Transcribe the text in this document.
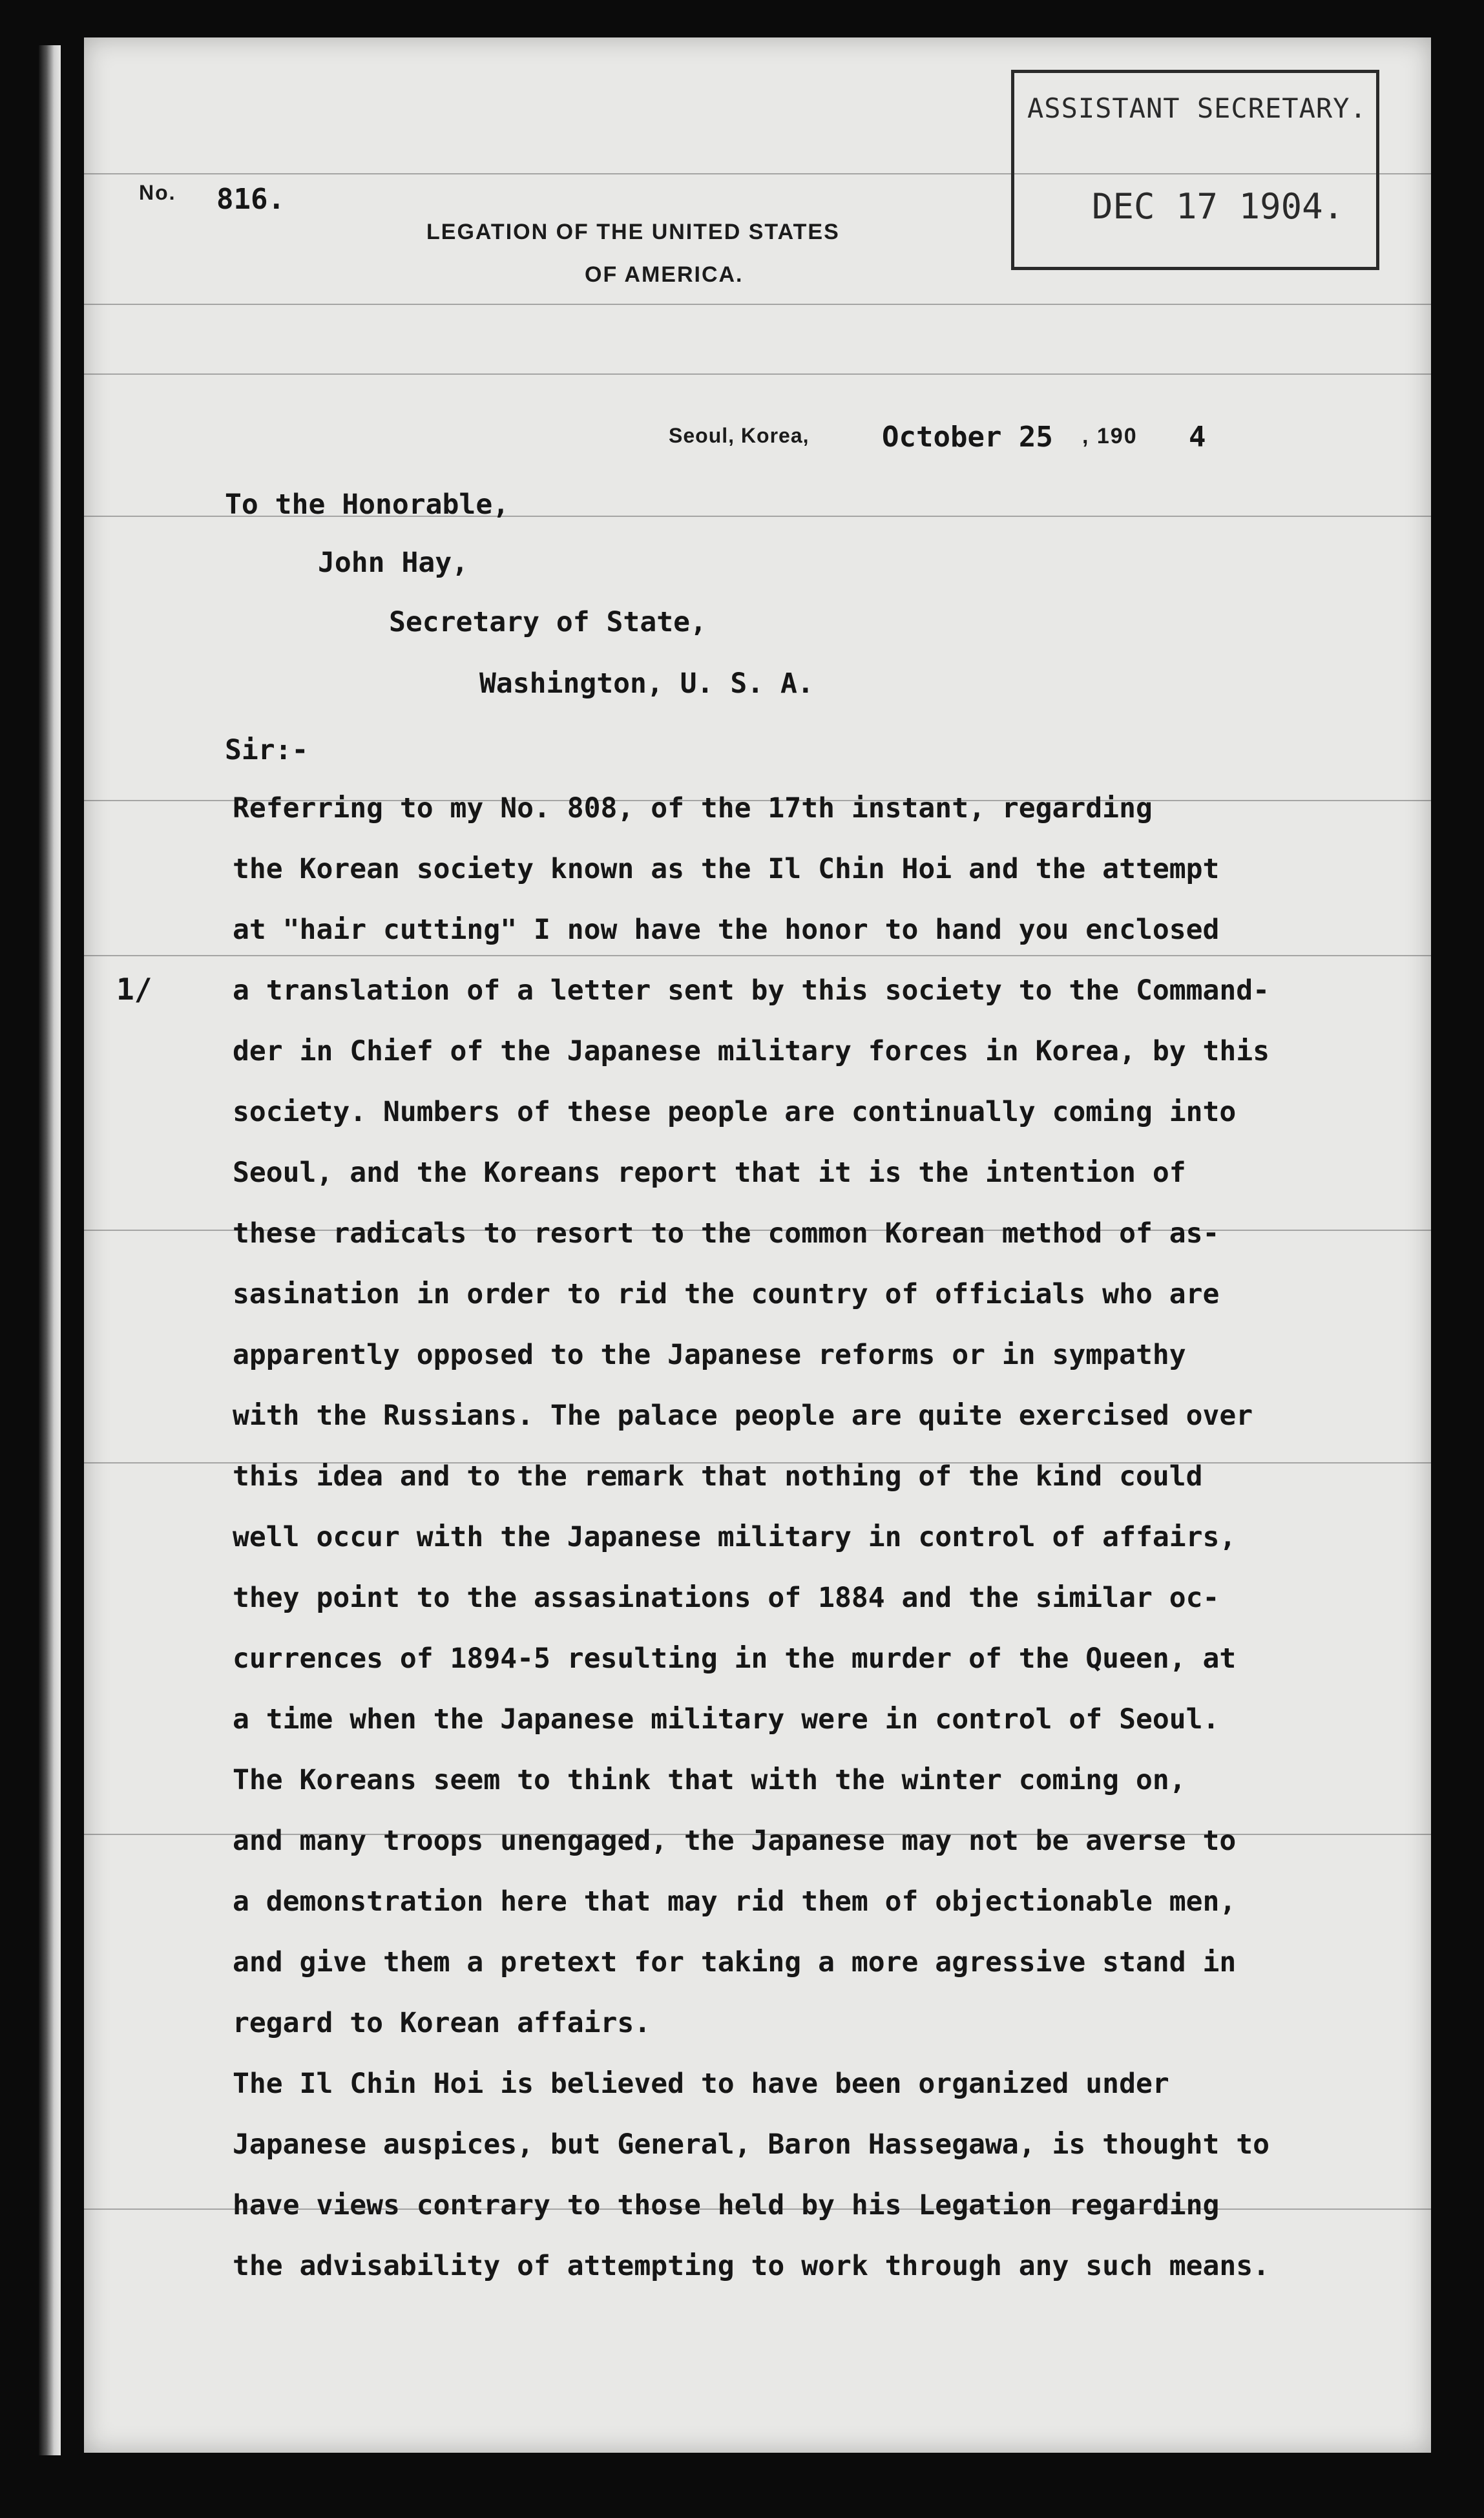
ASSISTANT SECRETARY.
DEC 17 1904.
No. 816.
LEGATION OF THE UNITED STATES
OF AMERICA.
Seoul, Korea,	October 25 , 190 4
To the Honorable,
John Hay,
Secretary of State,
Washington, U. S. A.
Sir:-
1/
Referring to my No. 808, of the 17th instant, regarding
the Korean society known as the Il Chin Hoi and the attempt
at "hair cutting" I now have the honor to hand you enclosed
a translation of a letter sent by this society to the Command-
der in Chief of the Japanese military forces in Korea, by this
society. Numbers of these people are continually coming into
Seoul, and the Koreans report that it is the intention of
these radicals to resort to the common Korean method of as-
sasination in order to rid the country of officials who are
apparently opposed to the Japanese reforms or in sympathy
with the Russians. The palace people are quite exercised over
this idea and to the remark that nothing of the kind could
well occur with the Japanese military in control of affairs,
they point to the assasinations of 1884 and the similar oc-
currences of 1894-5 resulting in the murder of the Queen, at
a time when the Japanese military were in control of Seoul.
The Koreans seem to think that with the winter coming on,
and many troops unengaged, the Japanese may not be averse to
a demonstration here that may rid them of objectionable men,
and give them a pretext for taking a more agressive stand in
regard to Korean affairs.
The Il Chin Hoi is believed to have been organized under
Japanese auspices, but General, Baron Hassegawa, is thought to
have views contrary to those held by his Legation regarding
the advisability of attempting to work through any such means.
